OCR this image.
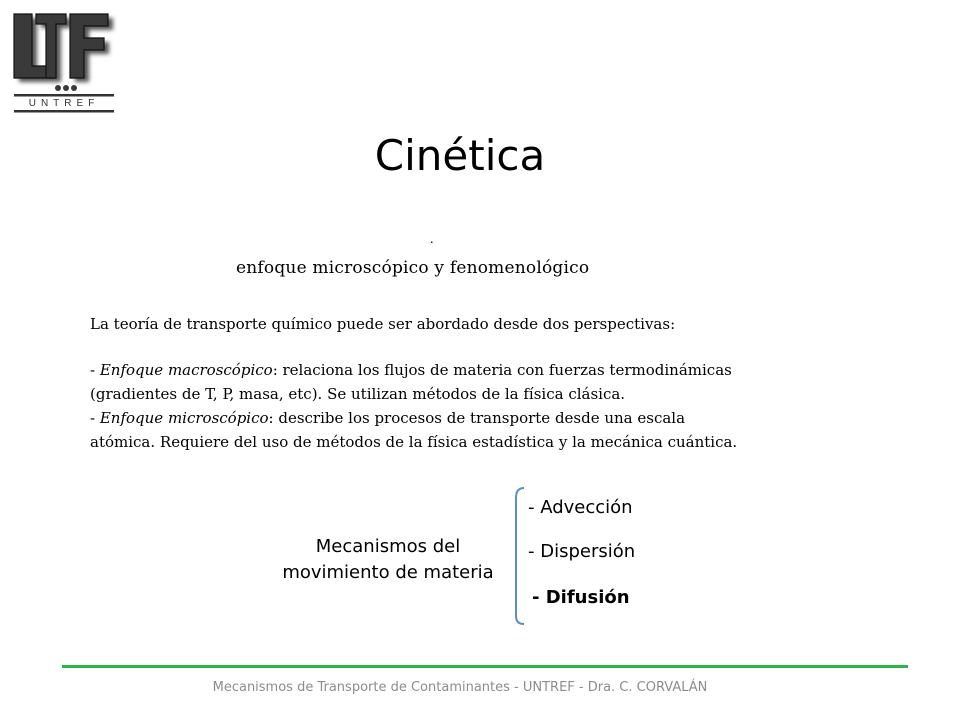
UNTREF
Cinética
.
enfoque microscópico y fenomenológico

La teoría de transporte químico puede ser abordado desde dos perspectivas:

- Enfoque macroscópico: relaciona los flujos de materia con fuerzas termodinámicas

(gradientes de T, P, masa, etc). Se utilizan métodos de la física clásica.

- Enfoque microscópico: describe los procesos de transporte desde una escala

atómica. Requiere del uso de métodos de la física estadística y la mecánica cuántica.

Mecanismos del
movimiento de materia
- Advección
- Dispersión
- Difusión
Mecanismos de Transporte de Contaminantes - UNTREF - Dra. C. CORVALÁN
